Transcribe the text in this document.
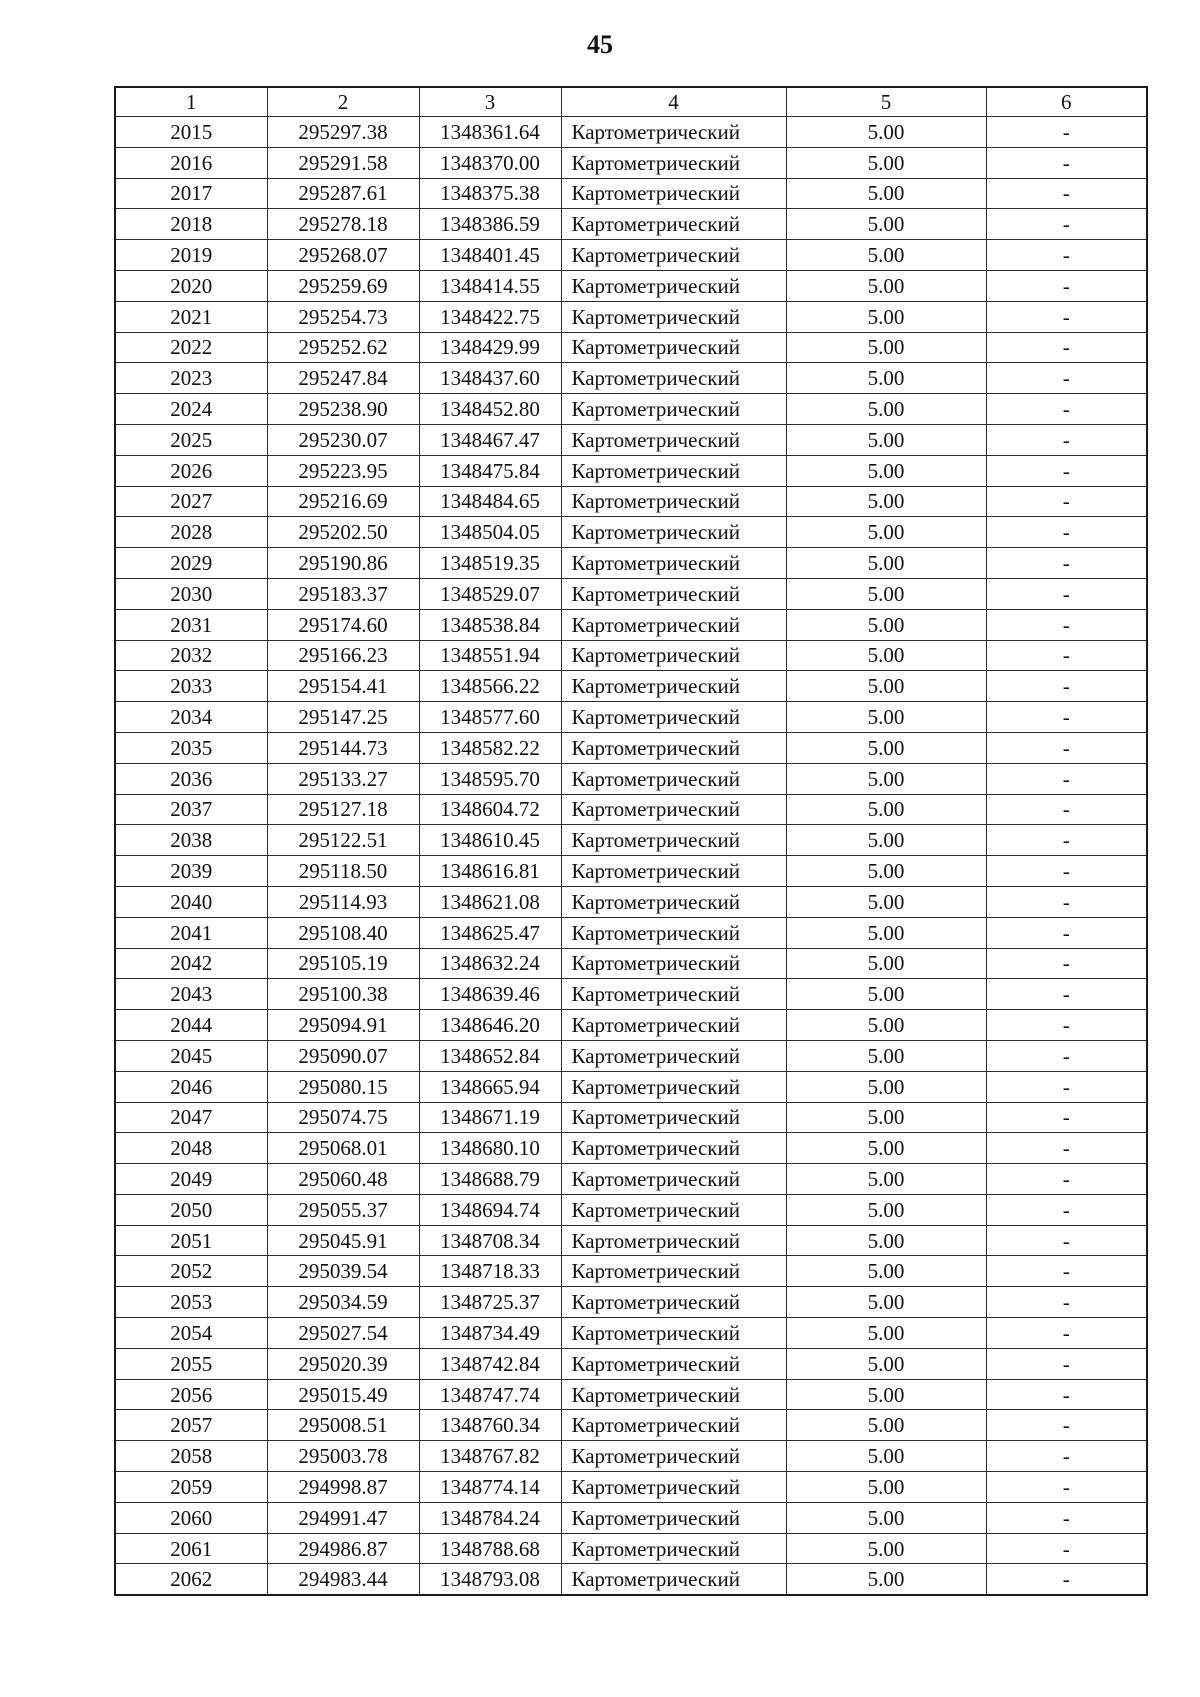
45
1	2	3	4	5	6
2015	295297.38	1348361.64	Картометрический	5.00	-
2016	295291.58	1348370.00	Картометрический	5.00	-
2017	295287.61	1348375.38	Картометрический	5.00	-
2018	295278.18	1348386.59	Картометрический	5.00	-
2019	295268.07	1348401.45	Картометрический	5.00	-
2020	295259.69	1348414.55	Картометрический	5.00	-
2021	295254.73	1348422.75	Картометрический	5.00	-
2022	295252.62	1348429.99	Картометрический	5.00	-
2023	295247.84	1348437.60	Картометрический	5.00	-
2024	295238.90	1348452.80	Картометрический	5.00	-
2025	295230.07	1348467.47	Картометрический	5.00	-
2026	295223.95	1348475.84	Картометрический	5.00	-
2027	295216.69	1348484.65	Картометрический	5.00	-
2028	295202.50	1348504.05	Картометрический	5.00	-
2029	295190.86	1348519.35	Картометрический	5.00	-
2030	295183.37	1348529.07	Картометрический	5.00	-
2031	295174.60	1348538.84	Картометрический	5.00	-
2032	295166.23	1348551.94	Картометрический	5.00	-
2033	295154.41	1348566.22	Картометрический	5.00	-
2034	295147.25	1348577.60	Картометрический	5.00	-
2035	295144.73	1348582.22	Картометрический	5.00	-
2036	295133.27	1348595.70	Картометрический	5.00	-
2037	295127.18	1348604.72	Картометрический	5.00	-
2038	295122.51	1348610.45	Картометрический	5.00	-
2039	295118.50	1348616.81	Картометрический	5.00	-
2040	295114.93	1348621.08	Картометрический	5.00	-
2041	295108.40	1348625.47	Картометрический	5.00	-
2042	295105.19	1348632.24	Картометрический	5.00	-
2043	295100.38	1348639.46	Картометрический	5.00	-
2044	295094.91	1348646.20	Картометрический	5.00	-
2045	295090.07	1348652.84	Картометрический	5.00	-
2046	295080.15	1348665.94	Картометрический	5.00	-
2047	295074.75	1348671.19	Картометрический	5.00	-
2048	295068.01	1348680.10	Картометрический	5.00	-
2049	295060.48	1348688.79	Картометрический	5.00	-
2050	295055.37	1348694.74	Картометрический	5.00	-
2051	295045.91	1348708.34	Картометрический	5.00	-
2052	295039.54	1348718.33	Картометрический	5.00	-
2053	295034.59	1348725.37	Картометрический	5.00	-
2054	295027.54	1348734.49	Картометрический	5.00	-
2055	295020.39	1348742.84	Картометрический	5.00	-
2056	295015.49	1348747.74	Картометрический	5.00	-
2057	295008.51	1348760.34	Картометрический	5.00	-
2058	295003.78	1348767.82	Картометрический	5.00	-
2059	294998.87	1348774.14	Картометрический	5.00	-
2060	294991.47	1348784.24	Картометрический	5.00	-
2061	294986.87	1348788.68	Картометрический	5.00	-
2062	294983.44	1348793.08	Картометрический	5.00	-
